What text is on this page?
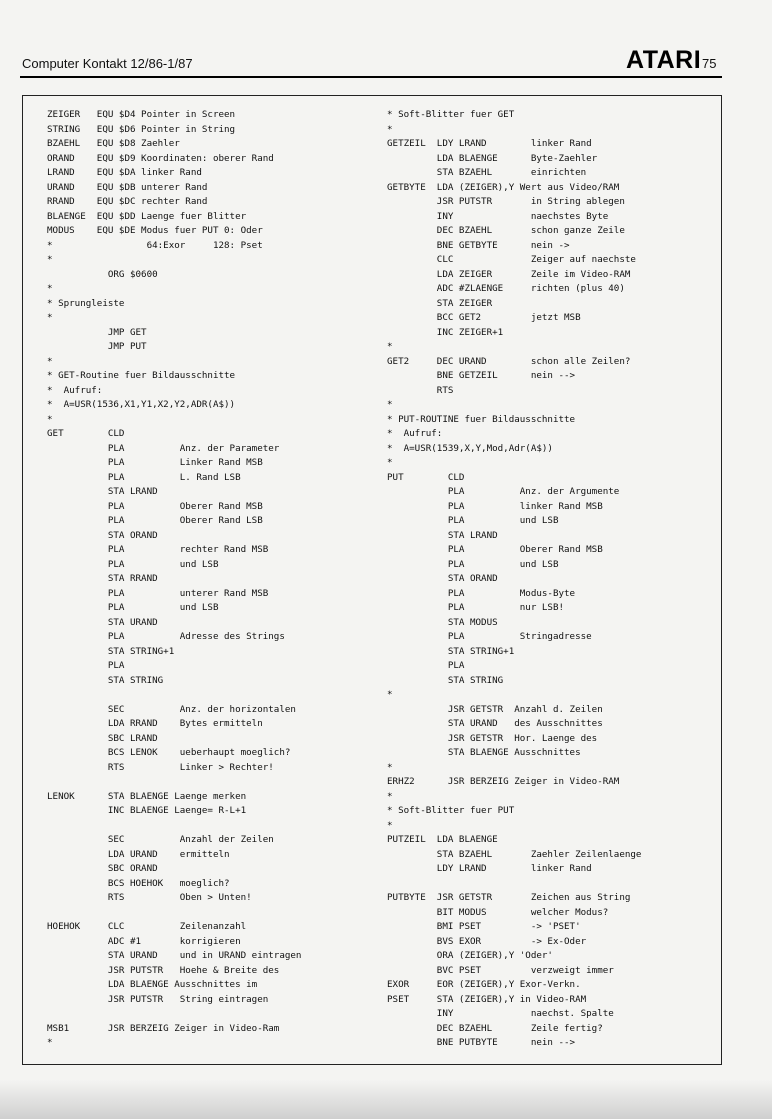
Computer Kontakt 12/86-1/87	ATARI 75
ZEIGER   EQU $D4 Pointer in Screen
STRING   EQU $D6 Pointer in String
BZAEHL   EQU $D8 Zaehler
ORAND    EQU $D9 Koordinaten: oberer Rand
LRAND    EQU $DA linker Rand
URAND    EQU $DB unterer Rand
RRAND    EQU $DC rechter Rand
BLAENGE  EQU $DD Laenge fuer Blitter
MODUS    EQU $DE Modus fuer PUT 0: Oder
*                 64:Exor     128: Pset
*
ORG $0600
*
* Sprungleiste
*
JMP GET
JMP PUT
*
* GET-Routine fuer Bildausschnitte
*  Aufruf:
*  A=USR(1536,X1,Y1,X2,Y2,ADR(A$))
*
GET        CLD
PLA          Anz. der Parameter
PLA          Linker Rand MSB
PLA          L. Rand LSB
STA LRAND
PLA          Oberer Rand MSB
PLA          Oberer Rand LSB
STA ORAND
PLA          rechter Rand MSB
PLA          und LSB
STA RRAND
PLA          unterer Rand MSB
PLA          und LSB
STA URAND
PLA          Adresse des Strings
STA STRING+1
PLA
STA STRING
SEC          Anz. der horizontalen
LDA RRAND    Bytes ermitteln
SBC LRAND
BCS LENOK    ueberhaupt moeglich?
RTS          Linker > Rechter!
LENOK      STA BLAENGE Laenge merken
INC BLAENGE Laenge= R-L+1
SEC          Anzahl der Zeilen
LDA URAND    ermitteln
SBC ORAND
BCS HOEHOK   moeglich?
RTS          Oben > Unten!
HOEHOK     CLC          Zeilenanzahl
ADC #1       korrigieren
STA URAND    und in URAND eintragen
JSR PUTSTR   Hoehe & Breite des
LDA BLAENGE Ausschnittes im
JSR PUTSTR   String eintragen
MSB1       JSR BERZEIG Zeiger in Video-Ram
*
* Soft-Blitter fuer GET
*
GETZEIL  LDY LRAND        linker Rand
LDA BLAENGE      Byte-Zaehler
STA BZAEHL       einrichten
GETBYTE  LDA (ZEIGER),Y Wert aus Video/RAM
JSR PUTSTR       in String ablegen
INY              naechstes Byte
DEC BZAEHL       schon ganze Zeile
BNE GETBYTE      nein ->
CLC              Zeiger auf naechste
LDA ZEIGER       Zeile im Video-RAM
ADC #ZLAENGE     richten (plus 40)
STA ZEIGER
BCC GET2         jetzt MSB
INC ZEIGER+1
*
GET2     DEC URAND        schon alle Zeilen?
BNE GETZEIL      nein -->
RTS
*
* PUT-ROUTINE fuer Bildausschnitte
*  Aufruf:
*  A=USR(1539,X,Y,Mod,Adr(A$))
*
PUT        CLD
PLA          Anz. der Argumente
PLA          linker Rand MSB
PLA          und LSB
STA LRAND
PLA          Oberer Rand MSB
PLA          und LSB
STA ORAND
PLA          Modus-Byte
PLA          nur LSB!
STA MODUS
PLA          Stringadresse
STA STRING+1
PLA
STA STRING
*
JSR GETSTR  Anzahl d. Zeilen
STA URAND   des Ausschnittes
JSR GETSTR  Hor. Laenge des
STA BLAENGE Ausschnittes
*
ERHZ2      JSR BERZEIG Zeiger in Video-RAM
*
* Soft-Blitter fuer PUT
*
PUTZEIL  LDA BLAENGE
STA BZAEHL       Zaehler Zeilenlaenge
LDY LRAND        linker Rand
PUTBYTE  JSR GETSTR       Zeichen aus String
BIT MODUS        welcher Modus?
BMI PSET         -> 'PSET'
BVS EXOR         -> Ex-Oder
ORA (ZEIGER),Y 'Oder'
BVC PSET         verzweigt immer
EXOR     EOR (ZEIGER),Y Exor-Verkn.
PSET     STA (ZEIGER),Y in Video-RAM
INY              naechst. Spalte
DEC BZAEHL       Zeile fertig?
BNE PUTBYTE      nein -->
